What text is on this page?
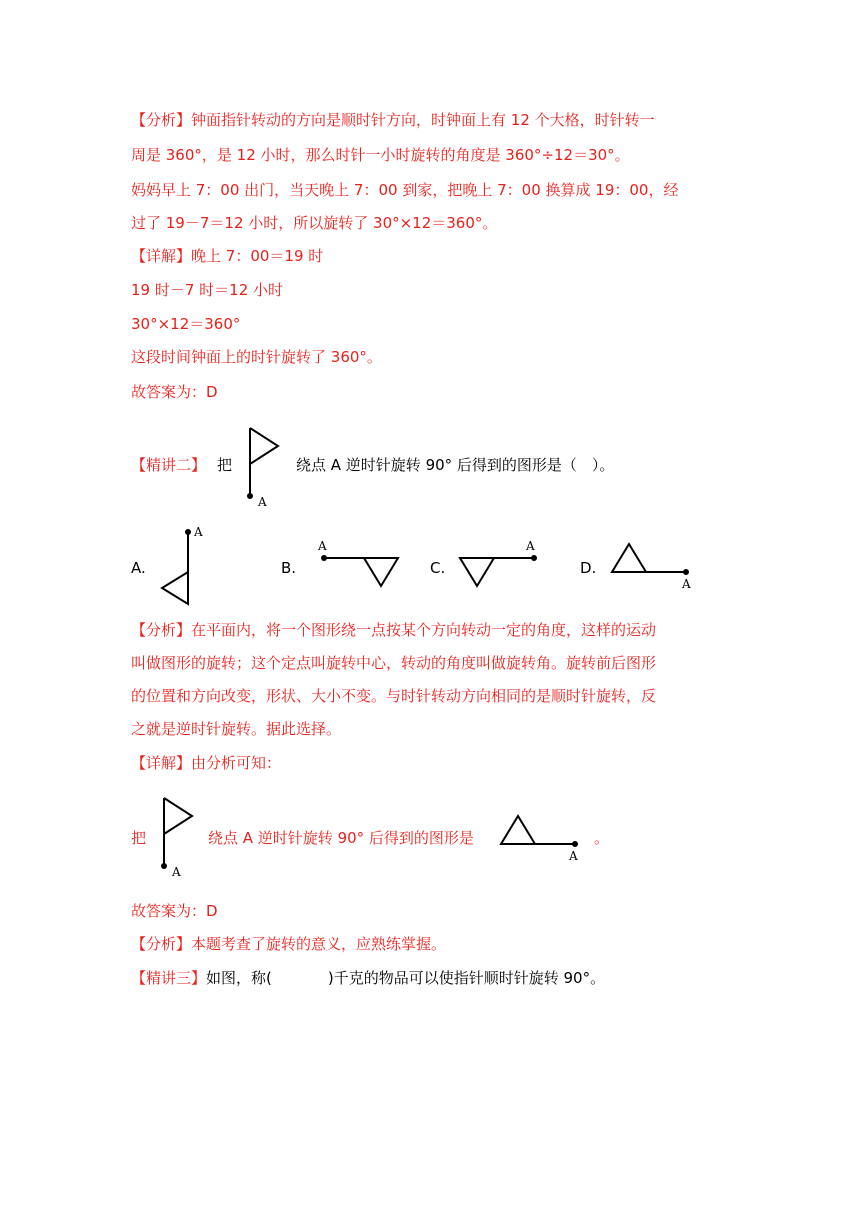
【分析】钟面指针转动的方向是顺时针方向，时钟面上有 12 个大格，时针转一
周是 360°，是 12 小时，那么时针一小时旋转的角度是 360°÷12＝30°。
妈妈早上 7：00 出门，当天晚上 7：00 到家，把晚上 7：00 换算成 19：00，经
过了 19－7＝12 小时，所以旋转了 30°×12＝360°。
【详解】晚上 7：00＝19 时
19 时－7 时＝12 小时
30°×12＝360°
这段时间钟面上的时针旋转了 360°。
故答案为：D
【精讲二】 把
A
绕点 A 逆时针旋转 90° 后得到的图形是（　）。
A.
A
B.
A
C.
A
D.
A
【分析】在平面内，将一个图形绕一点按某个方向转动一定的角度，这样的运动
叫做图形的旋转；这个定点叫旋转中心，转动的角度叫做旋转角。旋转前后图形
的位置和方向改变，形状、大小不变。与时针转动方向相同的是顺时针旋转，反
之就是逆时针旋转。据此选择。
【详解】由分析可知：
把
A
绕点 A 逆时针旋转 90° 后得到的图形是
A
。
故答案为：D
【分析】本题考查了旋转的意义，应熟练掌握。
【精讲三】如图，称(	)千克的物品可以使指针顺时针旋转 90°。
